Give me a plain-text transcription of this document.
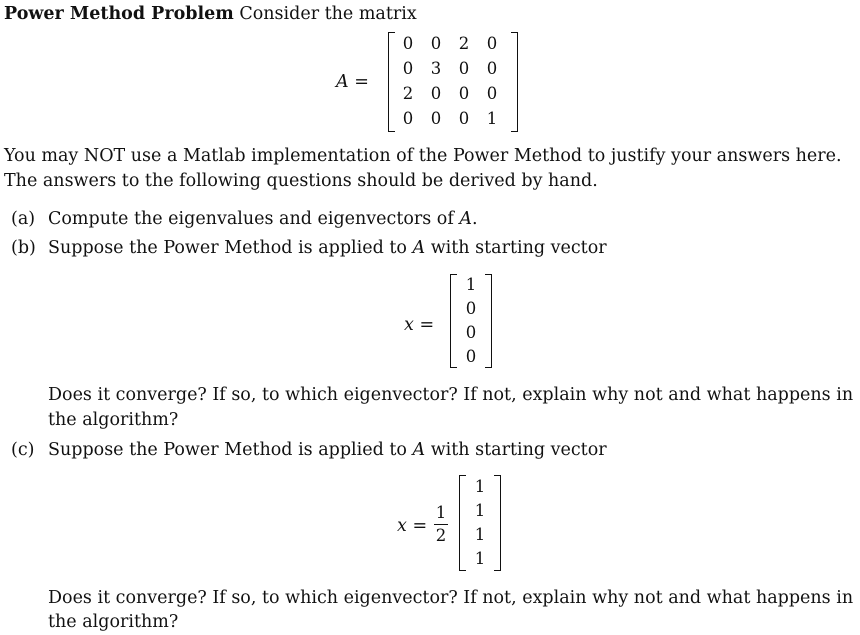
Power Method Problem Consider the matrix
A =
0 0 2 0
0 3 0 0
2 0 0 0
0 0 0 1
You may NOT use a Matlab implementation of the Power Method to justify your answers here.
The answers to the following questions should be derived by hand.
(a) Compute the eigenvalues and eigenvectors of A.
(b) Suppose the Power Method is applied to A with starting vector
x =
1
0
0
0
Does it converge? If so, to which eigenvector? If not, explain why not and what happens in
the algorithm?
(c) Suppose the Power Method is applied to A with starting vector
x =
1
2
1
1
1
1
Does it converge? If so, to which eigenvector? If not, explain why not and what happens in
the algorithm?
